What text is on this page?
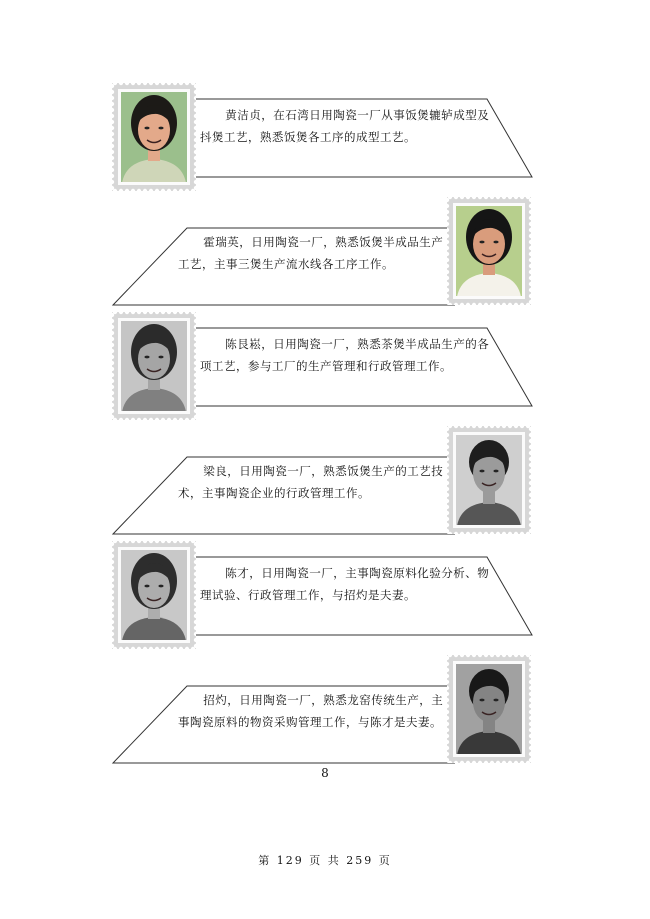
黄洁贞，在石湾日用陶瓷一厂从事饭煲辘轳成型及抖煲工艺，熟悉饭煲各工序的成型工艺。
霍瑞英，日用陶瓷一厂，熟悉饭煲半成品生产工艺，主事三煲生产流水线各工序工作。
陈艮崧，日用陶瓷一厂，熟悉茶煲半成品生产的各项工艺，参与工厂的生产管理和行政管理工作。
梁良，日用陶瓷一厂，熟悉饭煲生产的工艺技术，主事陶瓷企业的行政管理工作。
陈才，日用陶瓷一厂，主事陶瓷原料化验分析、物理试验、行政管理工作，与招灼是夫妻。
招灼，日用陶瓷一厂，熟悉龙窑传统生产，主事陶瓷原料的物资采购管理工作，与陈才是夫妻。
8
第 129 页 共 259 页
